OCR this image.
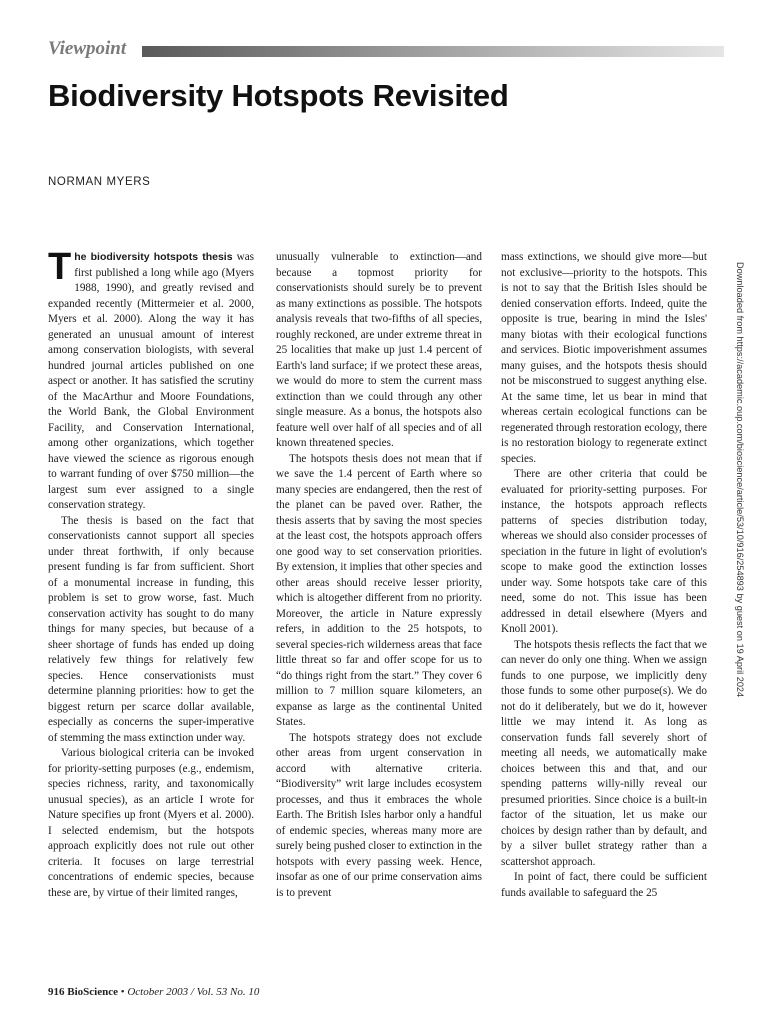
Viewpoint
Biodiversity Hotspots Revisited
NORMAN MYERS

The biodiversity hotspots thesis was first published a long while ago (Myers 1988, 1990), and greatly revised and expanded recently (Mittermeier et al. 2000, Myers et al. 2000). Along the way it has generated an unusual amount of interest among conservation biologists, with several hundred journal articles published on one aspect or another. It has satisfied the scrutiny of the MacArthur and Moore Foundations, the World Bank, the Global Environment Facility, and Conservation International, among other organizations, which together have viewed the science as rigorous enough to warrant funding of over $750 million—the largest sum ever assigned to a single conservation strategy.

The thesis is based on the fact that conservationists cannot support all species under threat forthwith, if only because present funding is far from sufficient. Short of a monumental increase in funding, this problem is set to grow worse, fast. Much conservation activity has sought to do many things for many species, but because of a sheer shortage of funds has ended up doing relatively few things for relatively few species. Hence conservationists must determine planning priorities: how to get the biggest return per scarce dollar available, especially as concerns the super-imperative of stemming the mass extinction under way.

Various biological criteria can be invoked for priority-setting purposes (e.g., endemism, species richness, rarity, and taxonomically unusual species), as an article I wrote for Nature specifies up front (Myers et al. 2000). I selected endemism, but the hotspots approach explicitly does not rule out other criteria. It focuses on large terrestrial concentrations of endemic species, because these are, by virtue of their limited ranges,

unusually vulnerable to extinction—and because a topmost priority for conservationists should surely be to prevent as many extinctions as possible. The hotspots analysis reveals that two-fifths of all species, roughly reckoned, are under extreme threat in 25 localities that make up just 1.4 percent of Earth's land surface; if we protect these areas, we would do more to stem the current mass extinction than we could through any other single measure. As a bonus, the hotspots also feature well over half of all species and of all known threatened species.

The hotspots thesis does not mean that if we save the 1.4 percent of Earth where so many species are endangered, then the rest of the planet can be paved over. Rather, the thesis asserts that by saving the most species at the least cost, the hotspots approach offers one good way to set conservation priorities. By extension, it implies that other species and other areas should receive lesser priority, which is altogether different from no priority. Moreover, the article in Nature expressly refers, in addition to the 25 hotspots, to several species-rich wilderness areas that face little threat so far and offer scope for us to “do things right from the start.” They cover 6 million to 7 million square kilometers, an expanse as large as the continental United States.

The hotspots strategy does not exclude other areas from urgent conservation in accord with alternative criteria. “Biodiversity” writ large includes ecosystem processes, and thus it embraces the whole Earth. The British Isles harbor only a handful of endemic species, whereas many more are surely being pushed closer to extinction in the hotspots with every passing week. Hence, insofar as one of our prime conservation aims is to prevent

mass extinctions, we should give more—but not exclusive—priority to the hotspots. This is not to say that the British Isles should be denied conservation efforts. Indeed, quite the opposite is true, bearing in mind the Isles' many biotas with their ecological functions and services. Biotic impoverishment assumes many guises, and the hotspots thesis should not be misconstrued to suggest anything else. At the same time, let us bear in mind that whereas certain ecological functions can be regenerated through restoration ecology, there is no restoration biology to regenerate extinct species.

There are other criteria that could be evaluated for priority-setting purposes. For instance, the hotspots approach reflects patterns of species distribution today, whereas we should also consider processes of speciation in the future in light of evolution's scope to make good the extinction losses under way. Some hotspots take care of this need, some do not. This issue has been addressed in detail elsewhere (Myers and Knoll 2001).

The hotspots thesis reflects the fact that we can never do only one thing. When we assign funds to one purpose, we implicitly deny those funds to some other purpose(s). We do not do it deliberately, but we do it, however little we may intend it. As long as conservation funds fall severely short of meeting all needs, we automatically make choices between this and that, and our spending patterns willy-nilly reveal our presumed priorities. Since choice is a built-in factor of the situation, let us make our choices by design rather than by default, and by a silver bullet strategy rather than a scattershot approach.

In point of fact, there could be sufficient funds available to safeguard the 25

Downloaded from https://academic.oup.com/bioscience/article/53/10/916/254893 by guest on 19 April 2024
916 BioScience • October 2003 / Vol. 53 No. 10
